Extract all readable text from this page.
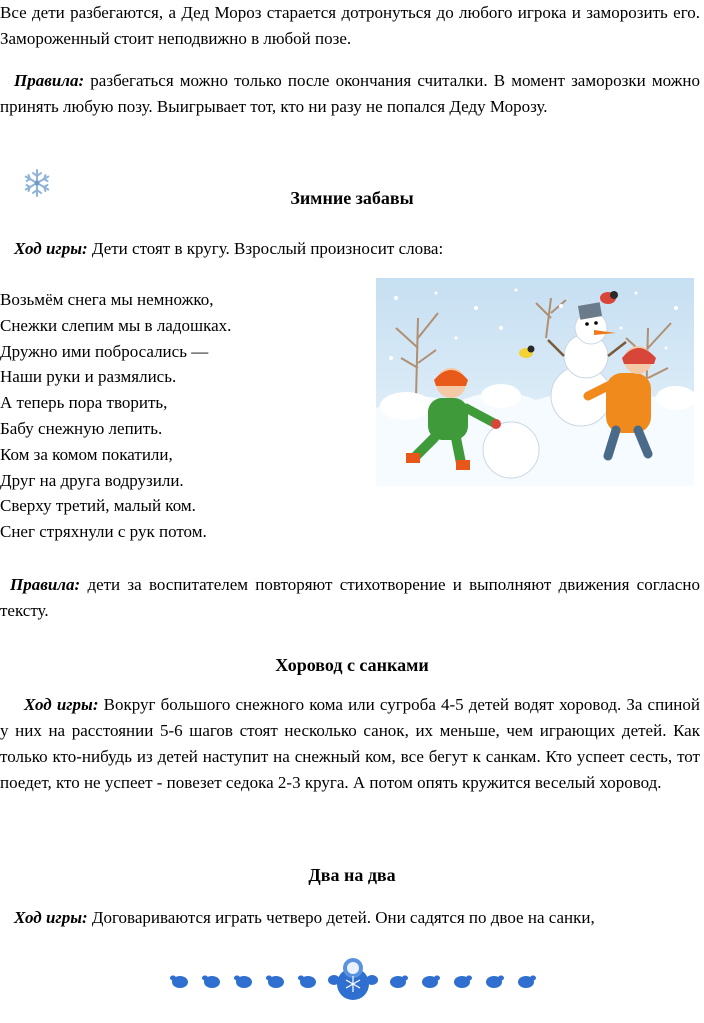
Все дети разбегаются, а Дед Мороз старается дотронуться до любого игрока и заморозить его. Замороженный стоит неподвижно в любой позе.
Правила: разбегаться можно только после окончания считалки. В момент заморозки можно принять любую позу. Выигрывает тот, кто ни разу не попался Деду Морозу.
Зимние забавы
Ход игры: Дети стоят в кругу. Взрослый произносит слова:
Возьмём снега мы немножко,
Снежки слепим мы в ладошках.
Дружно ими побросались —
Наши руки и размялись.
А теперь пора творить,
Бабу снежную лепить.
Ком за комом покатили,
Друг на друга водрузили.
Сверху третий, малый ком.
Снег стряхнули с рук потом.
Правила: дети за воспитателем повторяют стихотворение и выполняют движения согласно тексту.
Хоровод с санками
Ход игры: Вокруг большого снежного кома или сугроба 4-5 детей водят хоровод. За спиной у них на расстоянии 5-6 шагов стоят несколько санок, их меньше, чем играющих детей. Как только кто-нибудь из детей наступит на снежный ком, все бегут к санкам. Кто успеет сесть, тот поедет, кто не успеет - повезет седока 2-3 круга. А потом опять кружится веселый хоровод.
Два на два
Ход игры: Договариваются играть четверо детей. Они садятся по двое на санки,
